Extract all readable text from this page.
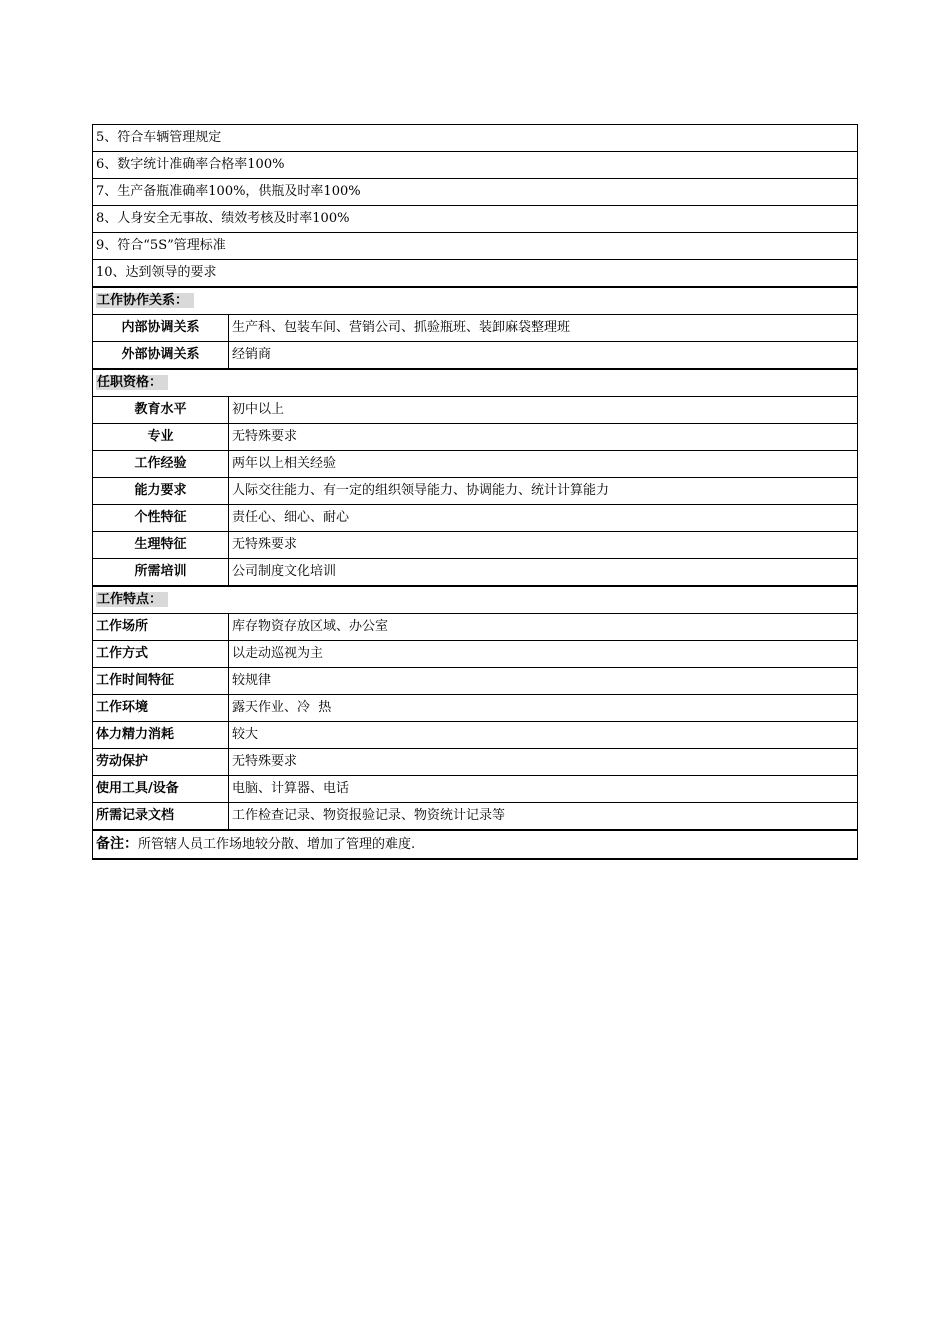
5、符合车辆管理规定	
6、数字统计准确率合格率100%	
7、生产备瓶准确率100%，供瓶及时率100%	
8、人身安全无事故、绩效考核及时率100%	
9、符合“5S”管理标准	
10、达到领导的要求	
工作协作关系：	
内部协调关系	生产科、包装车间、营销公司、抓验瓶班、装卸麻袋整理班
外部协调关系	经销商
任职资格：	
教育水平	初中以上
专业	无特殊要求
工作经验	两年以上相关经验
能力要求	人际交往能力、有一定的组织领导能力、协调能力、统计计算能力
个性特征	责任心、细心、耐心
生理特征	无特殊要求
所需培训	公司制度文化培训
工作特点：	
工作场所	库存物资存放区域、办公室
工作方式	以走动巡视为主
工作时间特征	较规律
工作环境	露天作业、冷  热
体力精力消耗	较大
劳动保护	无特殊要求
使用工具/设备	电脑、计算器、电话
所需记录文档	工作检查记录、物资报验记录、物资统计记录等
备注：所管辖人员工作场地较分散、增加了管理的难度.	
